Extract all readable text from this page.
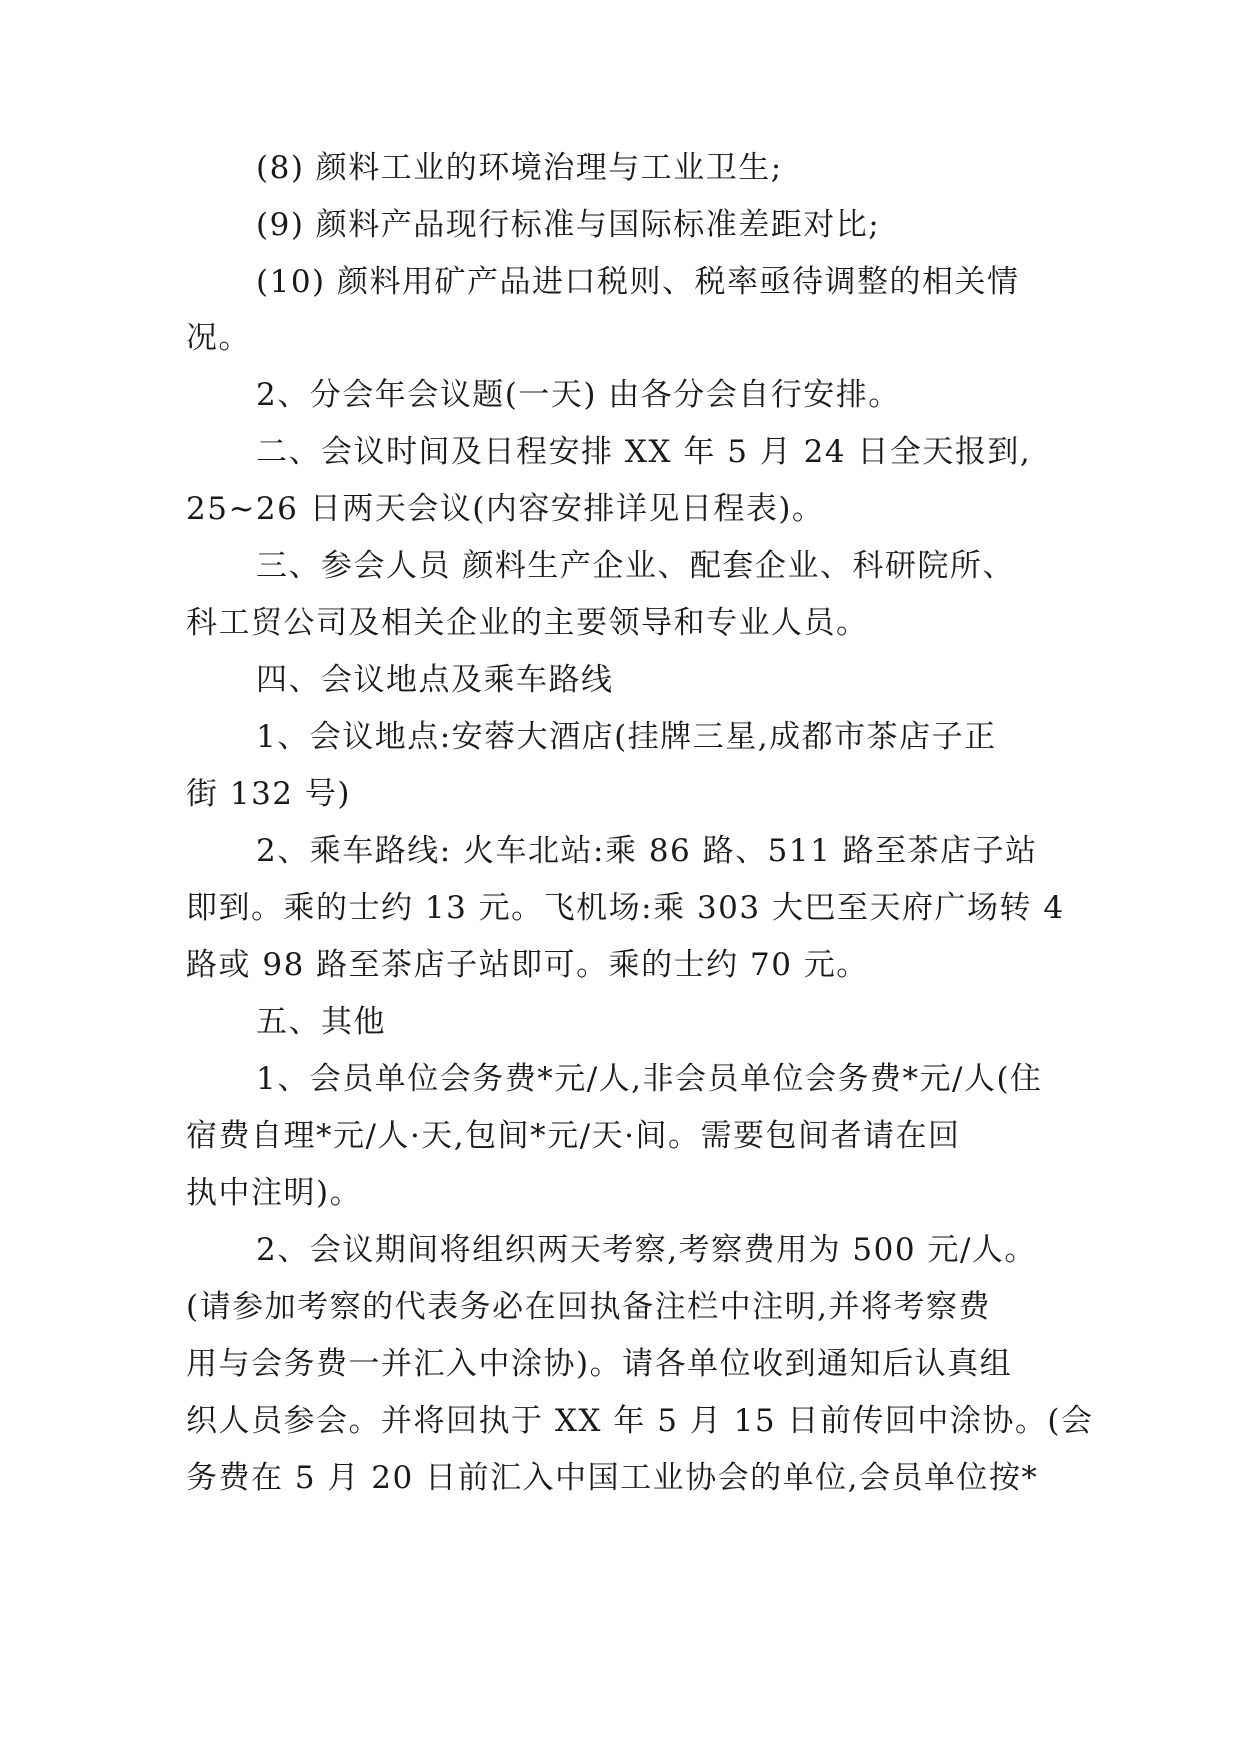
(8) 颜料工业的环境治理与工业卫生;
(9) 颜料产品现行标准与国际标准差距对比;
(10) 颜料用矿产品进口税则、税率亟待调整的相关情
况。
2、分会年会议题(一天) 由各分会自行安排。
二、会议时间及日程安排 XX 年 5 月 24 日全天报到,
25~26 日两天会议(内容安排详见日程表)。
三、参会人员 颜料生产企业、配套企业、科研院所、
科工贸公司及相关企业的主要领导和专业人员。
四、会议地点及乘车路线
1、会议地点:安蓉大酒店(挂牌三星,成都市茶店子正
街 132 号)
2、乘车路线: 火车北站:乘 86 路、511 路至茶店子站
即到。乘的士约 13 元。飞机场:乘 303 大巴至天府广场转 4
路或 98 路至茶店子站即可。乘的士约 70 元。
五、其他
1、会员单位会务费*元/人,非会员单位会务费*元/人(住
宿费自理*元/人·天,包间*元/天·间。需要包间者请在回
执中注明)。
2、会议期间将组织两天考察,考察费用为 500 元/人。
(请参加考察的代表务必在回执备注栏中注明,并将考察费
用与会务费一并汇入中涂协)。请各单位收到通知后认真组
织人员参会。并将回执于 XX 年 5 月 15 日前传回中涂协。(会
务费在 5 月 20 日前汇入中国工业协会的单位,会员单位按*
